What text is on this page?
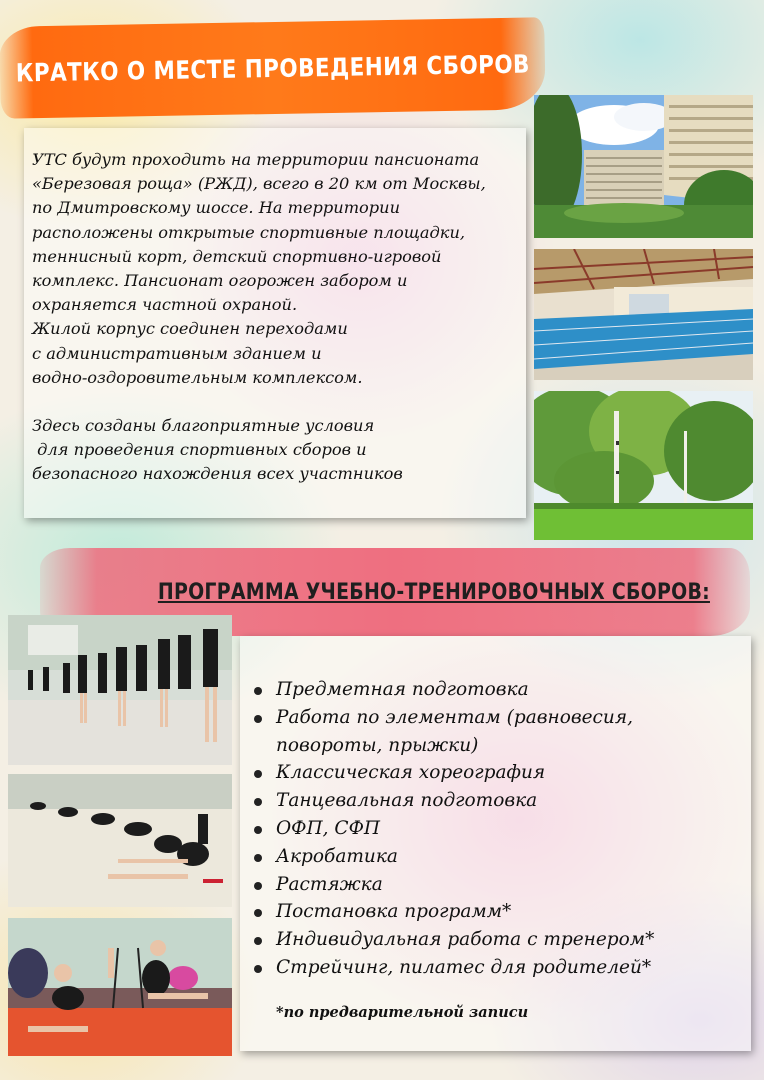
КРАТКО О МЕСТЕ ПРОВЕДЕНИЯ СБОРОВ

УТС будут проходить на территории пансионата

«Березовая роща» (РЖД), всего в 20 км от Москвы,

по Дмитровскому шоссе. На территории

расположены открытые спортивные площадки,

теннисный корт, детский спортивно-игровой

комплекс. Пансионат огорожен забором и

охраняется частной охраной.

Жилой корпус соединен переходами

с административным зданием и

водно-оздоровительным комплексом.

Здесь созданы благоприятные условия

для проведения спортивных сборов и

безопасного нахождения всех участников

ПРОГРАММА УЧЕБНО-ТРЕНИРОВОЧНЫХ СБОРОВ:
Предметная подготовка
Работа по элементам (равновесия,
повороты, прыжки)
Классическая хореография
Танцевальная подготовка
ОФП, СФП
Акробатика
Растяжка
Постановка программ*
Индивидуальная работа с тренером*
Стрейчинг, пилатес для родителей*
*по предварительной записи
